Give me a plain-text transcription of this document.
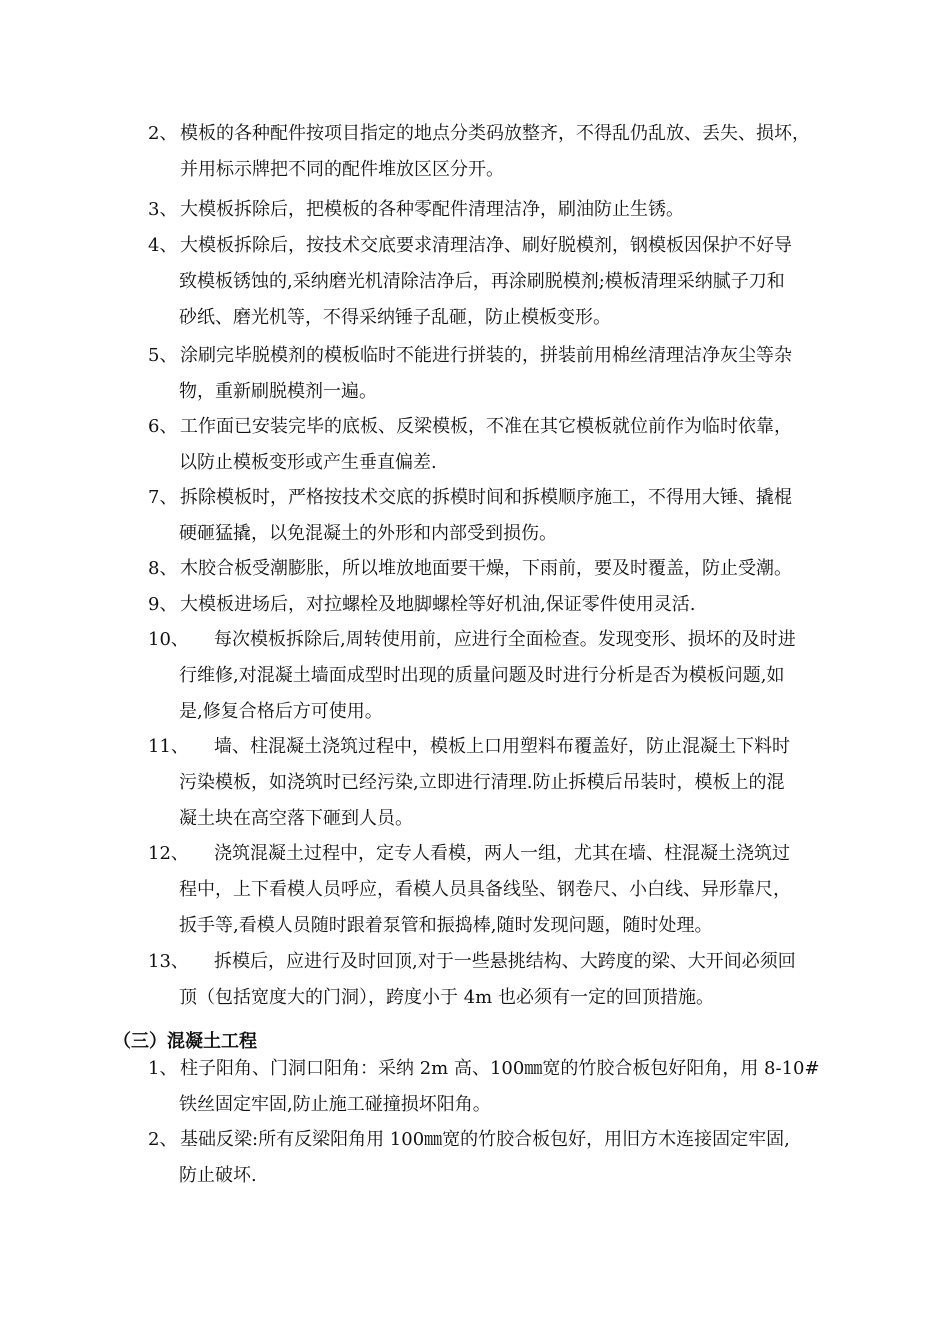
2、 模板的各种配件按项目指定的地点分类码放整齐，不得乱仍乱放、丢失、损坏，
并用标示牌把不同的配件堆放区区分开。
3、 大模板拆除后，把模板的各种零配件清理洁净，刷油防止生锈。
4、 大模板拆除后，按技术交底要求清理洁净、刷好脱模剂，钢模板因保护不好导
致模板锈蚀的,采纳磨光机清除洁净后，再涂刷脱模剂;模板清理采纳腻子刀和
砂纸、磨光机等，不得采纳锤子乱砸，防止模板变形。
5、 涂刷完毕脱模剂的模板临时不能进行拼装的，拼装前用棉丝清理洁净灰尘等杂
物，重新刷脱模剂一遍。
6、 工作面已安装完毕的底板、反梁模板，不准在其它模板就位前作为临时依靠，
以防止模板变形或产生垂直偏差.
7、 拆除模板时，严格按技术交底的拆模时间和拆模顺序施工，不得用大锤、撬棍
硬砸猛撬，以免混凝土的外形和内部受到损伤。
8、 木胶合板受潮膨胀，所以堆放地面要干燥，下雨前，要及时覆盖，防止受潮。
9、 大模板进场后，对拉螺栓及地脚螺栓等好机油,保证零件使用灵活.
10、	每次模板拆除后,周转使用前，应进行全面检查。发现变形、损坏的及时进
行维修,对混凝土墙面成型时出现的质量问题及时进行分析是否为模板问题,如
是,修复合格后方可使用。
11、	墙、柱混凝土浇筑过程中，模板上口用塑料布覆盖好，防止混凝土下料时
污染模板，如浇筑时已经污染,立即进行清理.防止拆模后吊装时，模板上的混
凝土块在高空落下砸到人员。
12、	浇筑混凝土过程中，定专人看模，两人一组，尤其在墙、柱混凝土浇筑过
程中，上下看模人员呼应，看模人员具备线坠、钢卷尺、小白线、异形靠尺，
扳手等,看模人员随时跟着泵管和振捣棒,随时发现问题，随时处理。
13、	拆模后，应进行及时回顶,对于一些悬挑结构、大跨度的梁、大开间必须回
顶（包括宽度大的门洞），跨度小于 4m 也必须有一定的回顶措施。
（三）混凝土工程
1、 柱子阳角、门洞口阳角：采纳 2m 高、100㎜宽的竹胶合板包好阳角，用 8-10#
铁丝固定牢固,防止施工碰撞损坏阳角。
2、 基础反梁:所有反梁阳角用 100㎜宽的竹胶合板包好，用旧方木连接固定牢固,
防止破坏.
